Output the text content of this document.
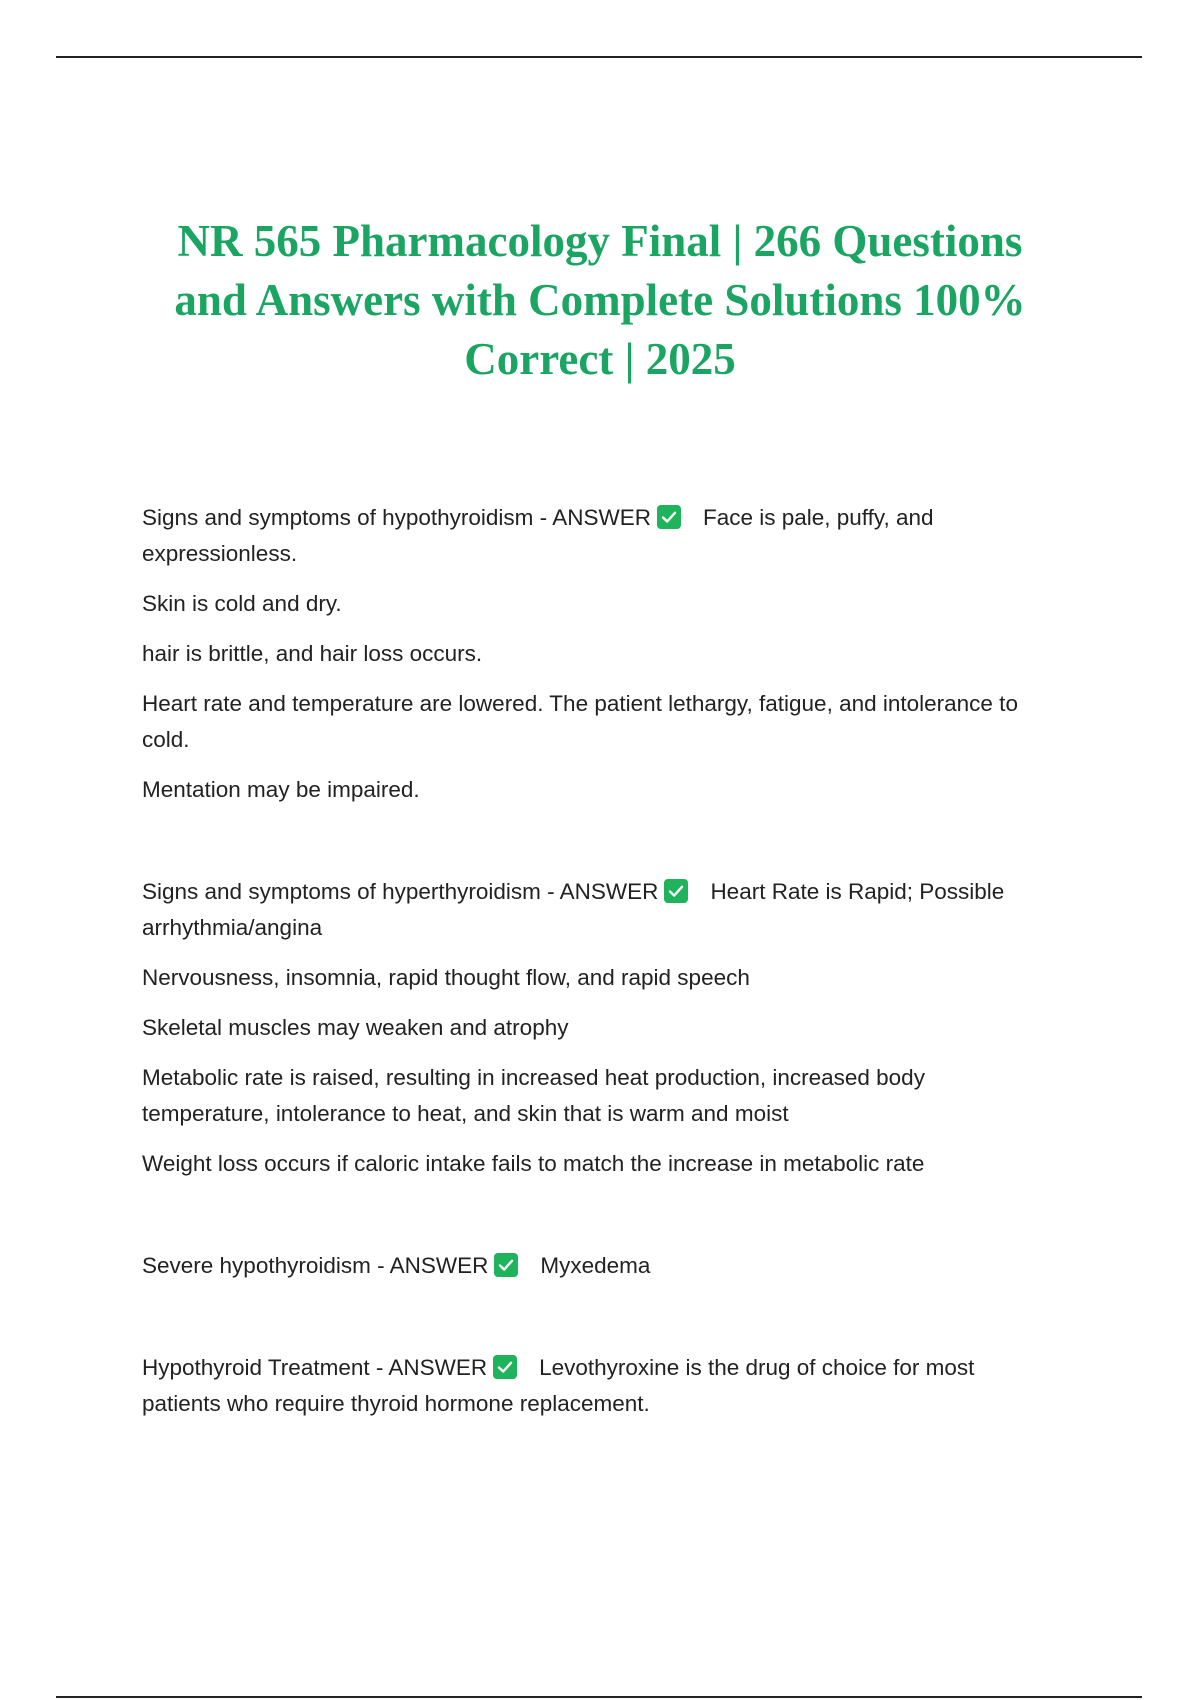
NR 565 Pharmacology Final | 266 Questions and Answers with Complete Solutions 100% Correct | 2025

Signs and symptoms of hypothyroidism - ANSWER Face is pale, puffy, and expressionless.

Skin is cold and dry.

hair is brittle, and hair loss occurs.

Heart rate and temperature are lowered. The patient lethargy, fatigue, and intolerance to cold.

Mentation may be impaired.

Signs and symptoms of hyperthyroidism - ANSWER Heart Rate is Rapid; Possible arrhythmia/angina

Nervousness, insomnia, rapid thought flow, and rapid speech

Skeletal muscles may weaken and atrophy

Metabolic rate is raised, resulting in increased heat production, increased body temperature, intolerance to heat, and skin that is warm and moist

Weight loss occurs if caloric intake fails to match the increase in metabolic rate

Severe hypothyroidism - ANSWER Myxedema

Hypothyroid Treatment - ANSWER Levothyroxine is the drug of choice for most patients who require thyroid hormone replacement.
